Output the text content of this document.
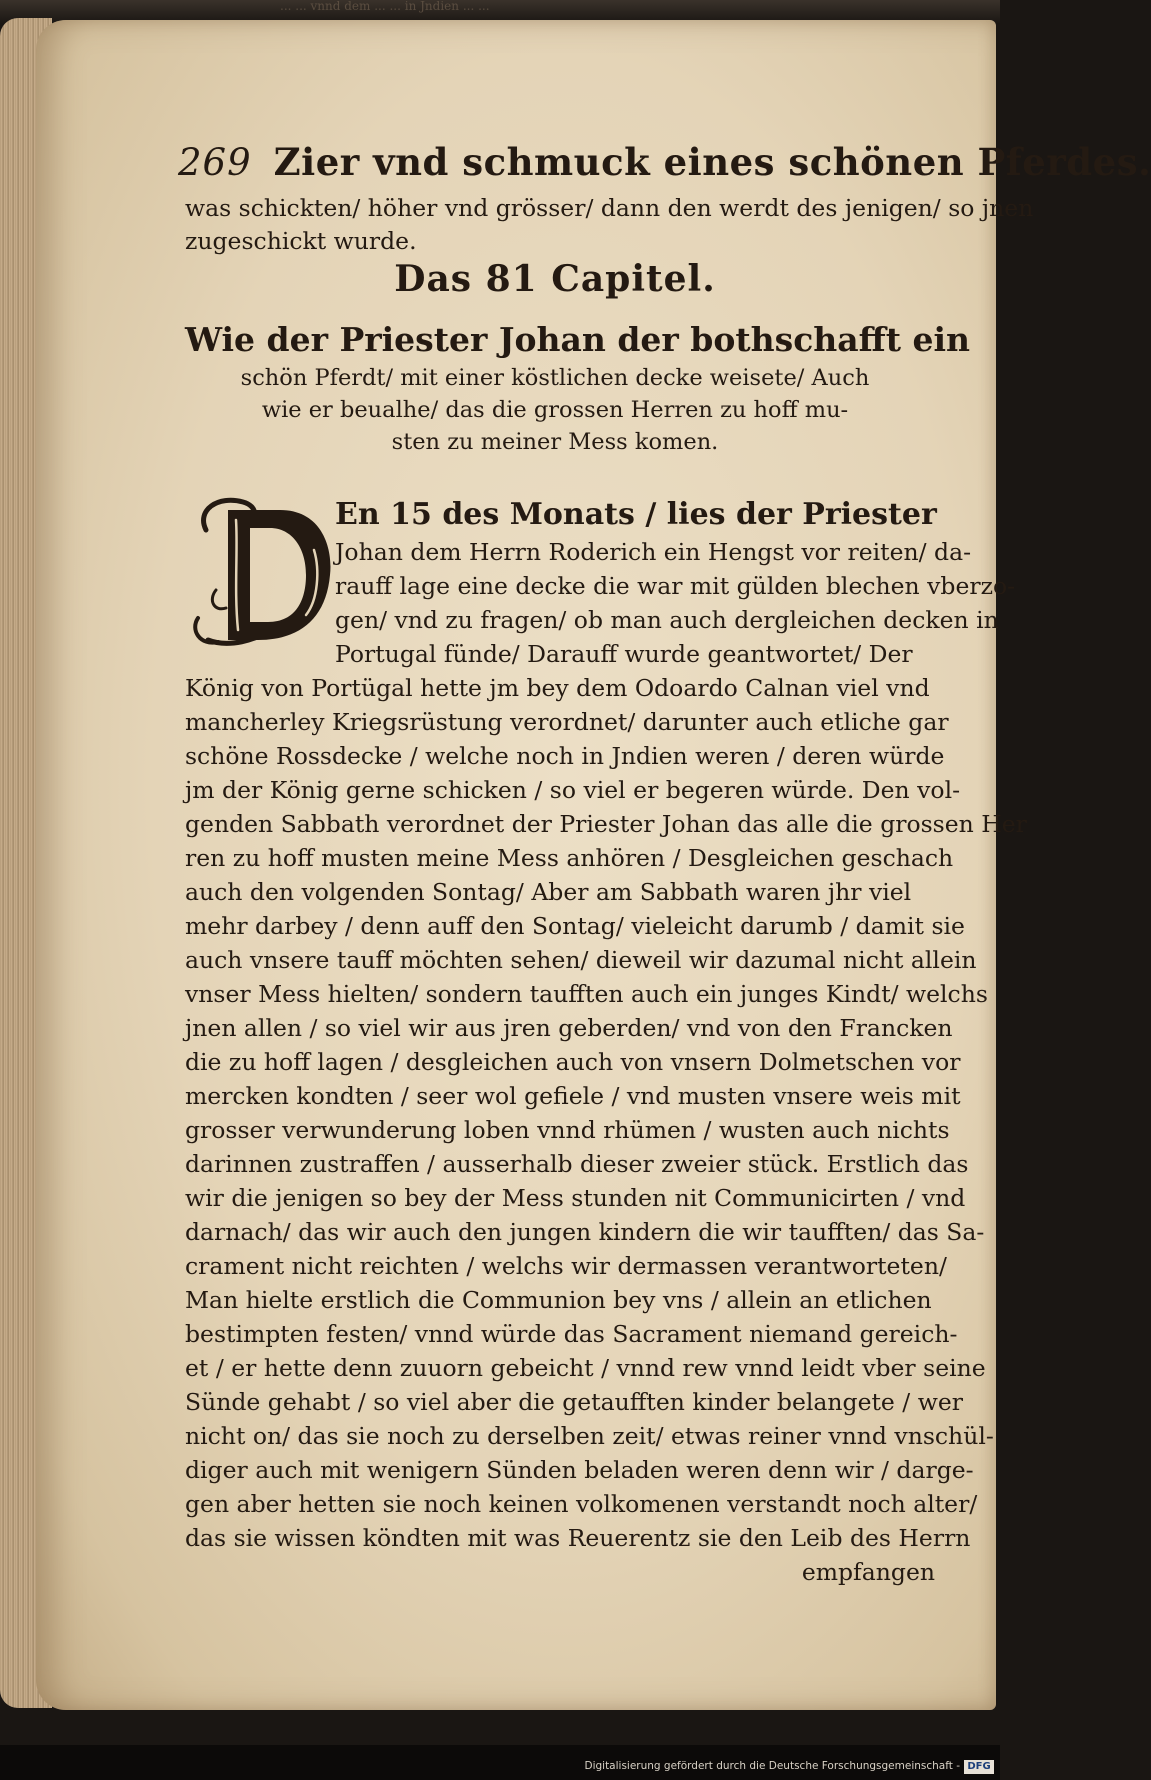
... ... vnnd dem ... ... in Jndien ... ...
269 Zier vnd schmuck eines schönen Pferdes.
was schickten/ höher vnd grösser/ dann den werdt des jenigen/ so jnen
zugeschickt wurde.
Das 81 Capitel.
Wie der Priester Johan der bothschafft ein
schön Pferdt/ mit einer köstlichen decke weisete/ Auch
wie er beualhe/ das die grossen Herren zu hoff mu-
sten zu meiner Mess komen.
En 15 des Monats / lies der Priester
Johan dem Herrn Roderich ein Hengst vor reiten/ da-
rauff lage eine decke die war mit gülden blechen vberzo-
gen/ vnd zu fragen/ ob man auch dergleichen decken in
Portugal fünde/ Darauff wurde geantwortet/ Der
König von Portügal hette jm bey dem Odoardo Calnan viel vnd
mancherley Kriegsrüstung verordnet/ darunter auch etliche gar
schöne Rossdecke / welche noch in Jndien weren / deren würde
jm der König gerne schicken / so viel er begeren würde. Den vol-
genden Sabbath verordnet der Priester Johan das alle die grossen Her
ren zu hoff musten meine Mess anhören / Desgleichen geschach
auch den volgenden Sontag/ Aber am Sabbath waren jhr viel
mehr darbey / denn auff den Sontag/ vieleicht darumb / damit sie
auch vnsere tauff möchten sehen/ dieweil wir dazumal nicht allein
vnser Mess hielten/ sondern taufften auch ein junges Kindt/ welchs
jnen allen / so viel wir aus jren geberden/ vnd von den Francken
die zu hoff lagen / desgleichen auch von vnsern Dolmetschen vor
mercken kondten / seer wol gefiele / vnd musten vnsere weis mit
grosser verwunderung loben vnnd rhümen / wusten auch nichts
darinnen zustraffen / ausserhalb dieser zweier stück. Erstlich das
wir die jenigen so bey der Mess stunden nit Communicirten / vnd
darnach/ das wir auch den jungen kindern die wir taufften/ das Sa-
crament nicht reichten / welchs wir dermassen verantworteten/
Man hielte erstlich die Communion bey vns / allein an etlichen
bestimpten festen/ vnnd würde das Sacrament niemand gereich-
et / er hette denn zuuorn gebeicht / vnnd rew vnnd leidt vber seine
Sünde gehabt / so viel aber die getaufften kinder belangete / wer
nicht on/ das sie noch zu derselben zeit/ etwas reiner vnnd vnschül-
diger auch mit wenigern Sünden beladen weren denn wir / darge-
gen aber hetten sie noch keinen volkomenen verstandt noch alter/
das sie wissen köndten mit was Reuerentz sie den Leib des Herrn
empfangen
Digitalisierung gefördert durch die Deutsche Forschungsgemeinschaft - DFG
